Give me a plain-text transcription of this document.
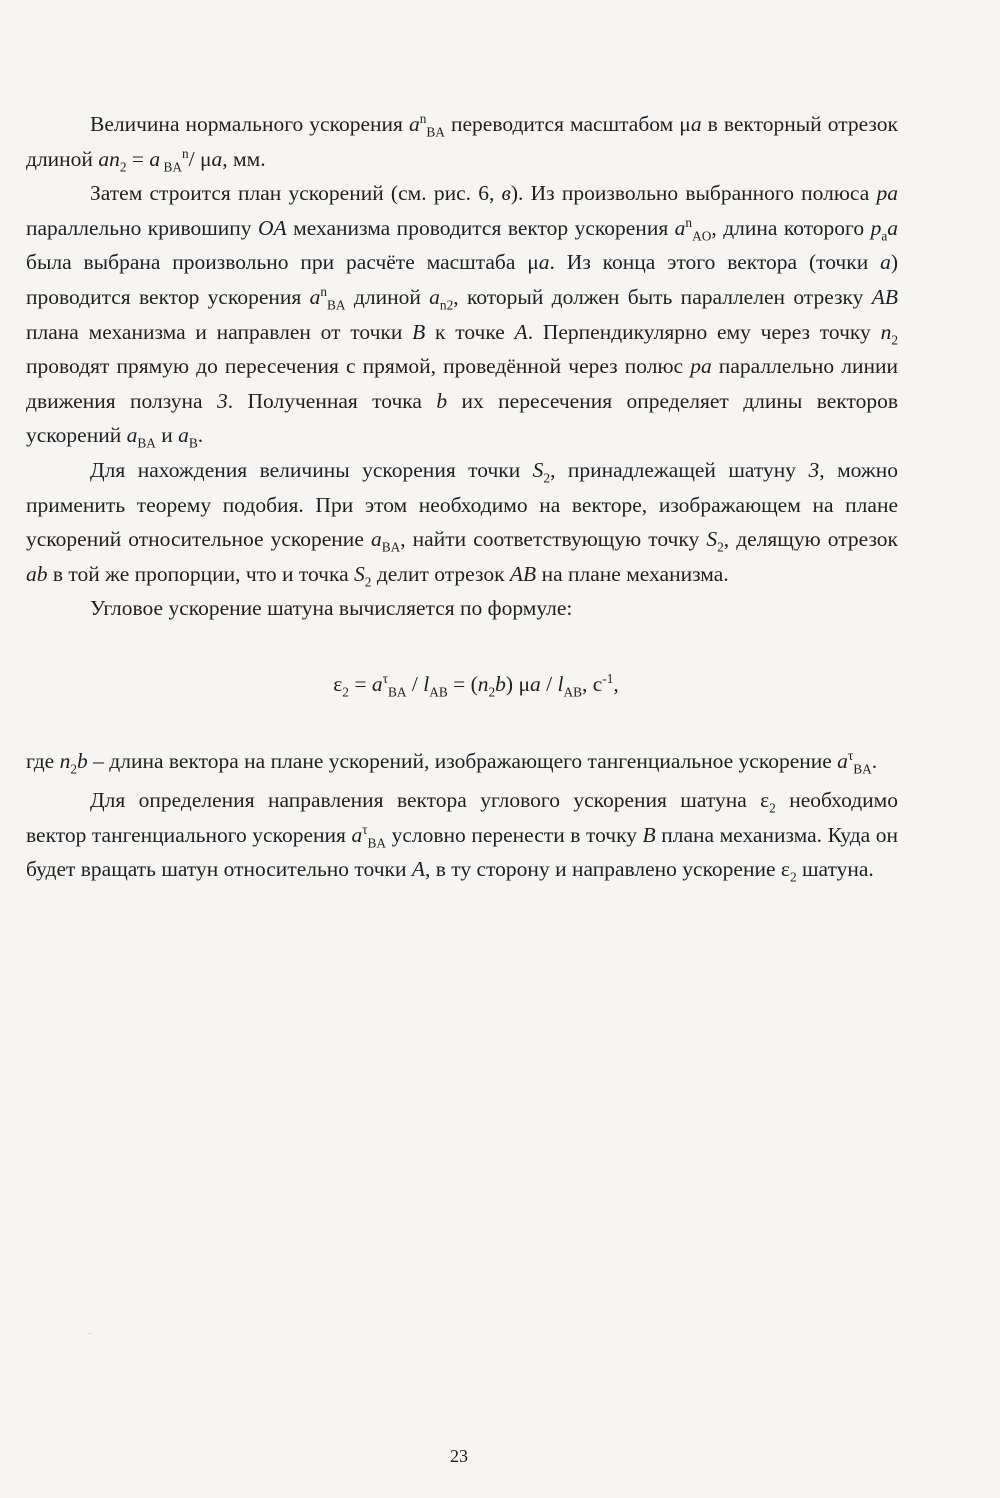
Величина нормального ускорения $a^n_{BA}$ переводится масштабом μa в векторный отрезок длиной $an_2 = a$ $_{BA}^n$/ μa, мм.

Затем строится план ускорений (см. рис. 6, в). Из произвольно выбранного полюса pa параллельно кривошипу OA механизма проводится вектор ускорения $a^n_{AO}$, длина которого $p_aa$ была выбрана произвольно при расчёте масштаба μa. Из конца этого вектора (точки a) проводится вектор ускорения $a^n_{BA}$ длиной $a_{n2}$, который должен быть параллелен отрезку AB плана механизма и направлен от точки B к точке A. Перпендикулярно ему через точку $n_2$ проводят прямую до пересечения с прямой, проведённой через полюс pa параллельно линии движения ползуна 3. Полученная точка b их пересечения определяет длины векторов ускорений $a_{BA}$ и $a_B$.

Для нахождения величины ускорения точки $S_2$, принадлежащей шатуну 3, можно применить теорему подобия. При этом необходимо на векторе, изображающем на плане ускорений относительное ускорение $a_{BA}$, найти соответствующую точку $S_2$, делящую отрезок ab в той же пропорции, что и точка $S_2$ делит отрезок AB на плане механизма.

Угловое ускорение шатуна вычисляется по формуле:

$\varepsilon_2 = a^\tau_{BA} / l_{AB} = (n_2b)$ μa / $l_{AB}$, $с^{-1}$,

где $n_2b$ – длина вектора на плане ускорений, изображающего тангенциальное ускорение $a^\tau_{BA}$.

Для определения направления вектора углового ускорения шатуна $\varepsilon_2$ необходимо вектор тангенциального ускорения $a^\tau_{BA}$ условно перенести в точку B плана механизма. Куда он будет вращать шатун относительно точки A, в ту сторону и направлено ускорение $\varepsilon_2$ шатуна.

23
